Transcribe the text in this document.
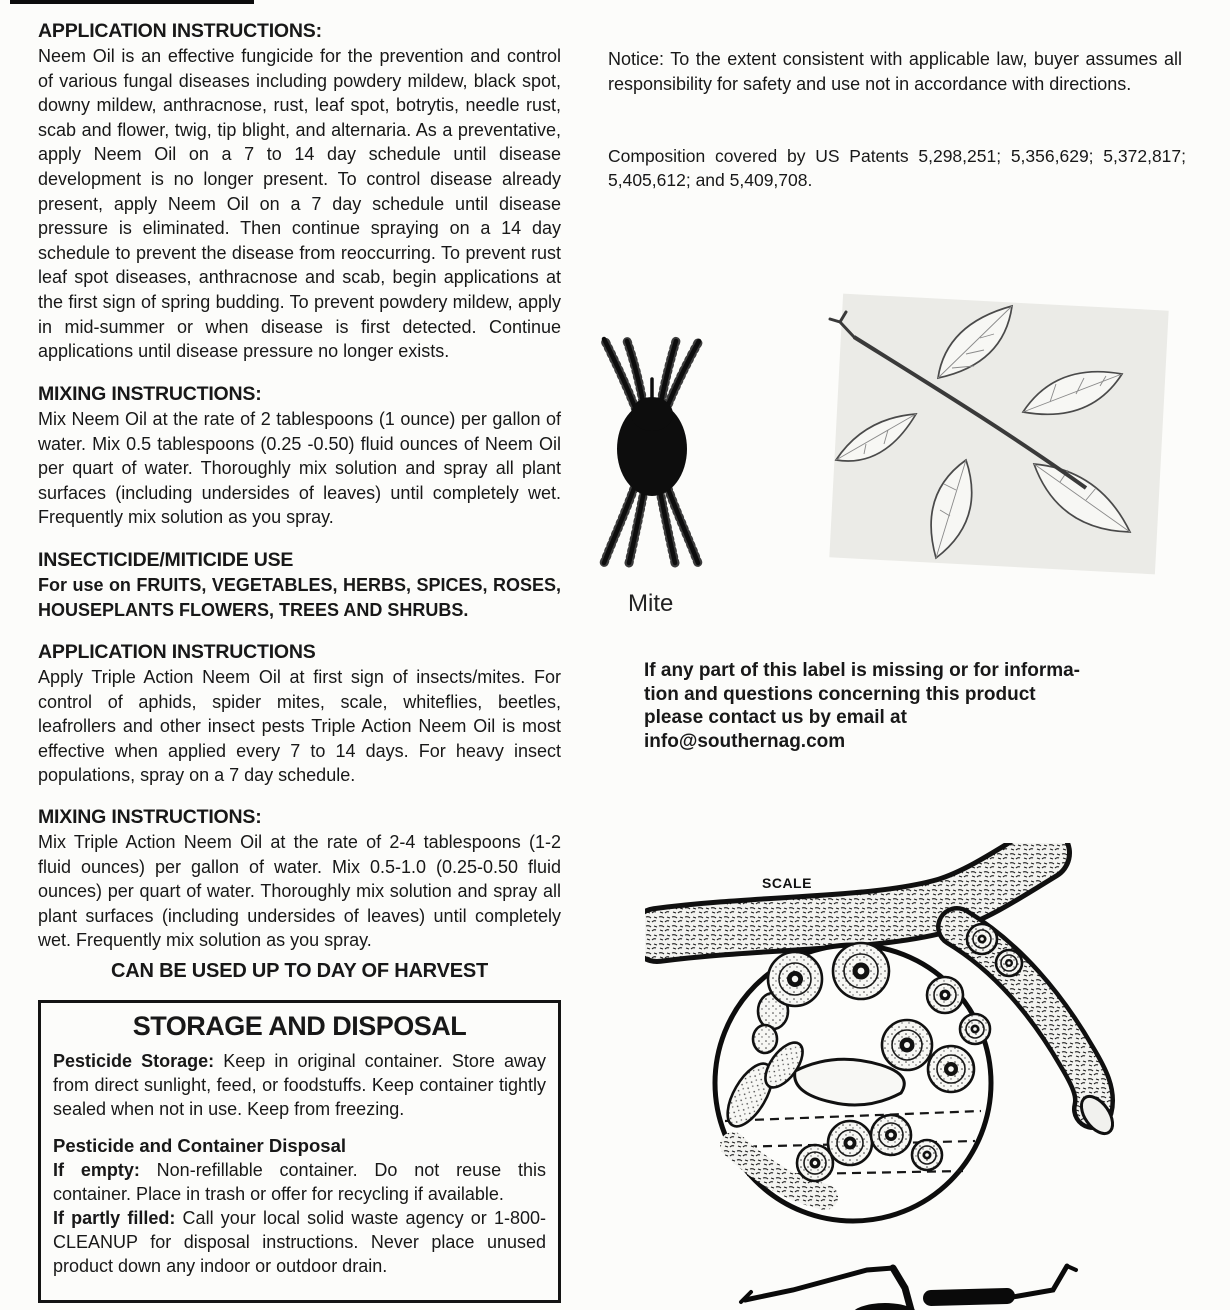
APPLICATION INSTRUCTIONS:
Neem Oil is an effective fungicide for the prevention and control of various fungal diseases including powdery mildew, black spot, downy mildew, anthracnose, rust, leaf spot, botrytis, needle rust, scab and flower, twig, tip blight, and alternaria. As a preventative, apply Neem Oil on a 7 to 14 day schedule until disease development is no longer present. To control disease already present, apply Neem Oil on a 7 day schedule until disease pressure is eliminated. Then continue spraying on a 14 day schedule to prevent the disease from reoccurring. To prevent rust leaf spot diseases, anthracnose and scab, begin applications at the first sign of spring budding. To prevent powdery mildew, apply in mid-summer or when disease is first detected. Continue applications until disease pressure no longer exists.
MIXING INSTRUCTIONS:
Mix Neem Oil at the rate of 2 tablespoons (1 ounce) per gallon of water. Mix 0.5 tablespoons (0.25 -0.50) fluid ounces of Neem Oil per quart of water. Thoroughly mix solution and spray all plant surfaces (including undersides of leaves) until completely wet. Frequently mix solution as you spray.
INSECTICIDE/MITICIDE USE
For use on FRUITS, VEGETABLES, HERBS, SPICES, ROSES, HOUSEPLANTS FLOWERS, TREES AND SHRUBS.
APPLICATION INSTRUCTIONS
Apply Triple Action Neem Oil at first sign of insects/mites. For control of aphids, spider mites, scale, whiteflies, beetles, leafrollers and other insect pests Triple Action Neem Oil is most effective when applied every 7 to 14 days. For heavy insect populations, spray on a 7 day schedule.
MIXING INSTRUCTIONS:
Mix Triple Action Neem Oil at the rate of 2-4 tablespoons (1-2 fluid ounces) per gallon of water. Mix 0.5-1.0 (0.25-0.50 fluid ounces) per quart of water. Thoroughly mix solution and spray all plant surfaces (including undersides of leaves) until completely wet. Frequently mix solution as you spray.
CAN BE USED UP TO DAY OF HARVEST
STORAGE AND DISPOSAL

Pesticide Storage: Keep in original container. Store away from direct sunlight, feed, or foodstuffs. Keep container tightly sealed when not in use. Keep from freezing.

Pesticide and Container Disposal

If empty: Non-refillable container. Do not reuse this container. Place in trash or offer for recycling if available.

If partly filled: Call your local solid waste agency or 1-800-CLEANUP for disposal instructions. Never place unused product down any indoor or outdoor drain.

Notice: To the extent consistent with applicable law, buyer assumes all responsibility for safety and use not in accordance with directions.
Composition covered by US Patents 5,298,251; 5,356,629; 5,372,817; 5,405,612; and 5,409,708.
Mite
If any part of this label is missing or for informa-
tion and questions concerning this product
please contact us by email at
info@southernag.com
SCALE
